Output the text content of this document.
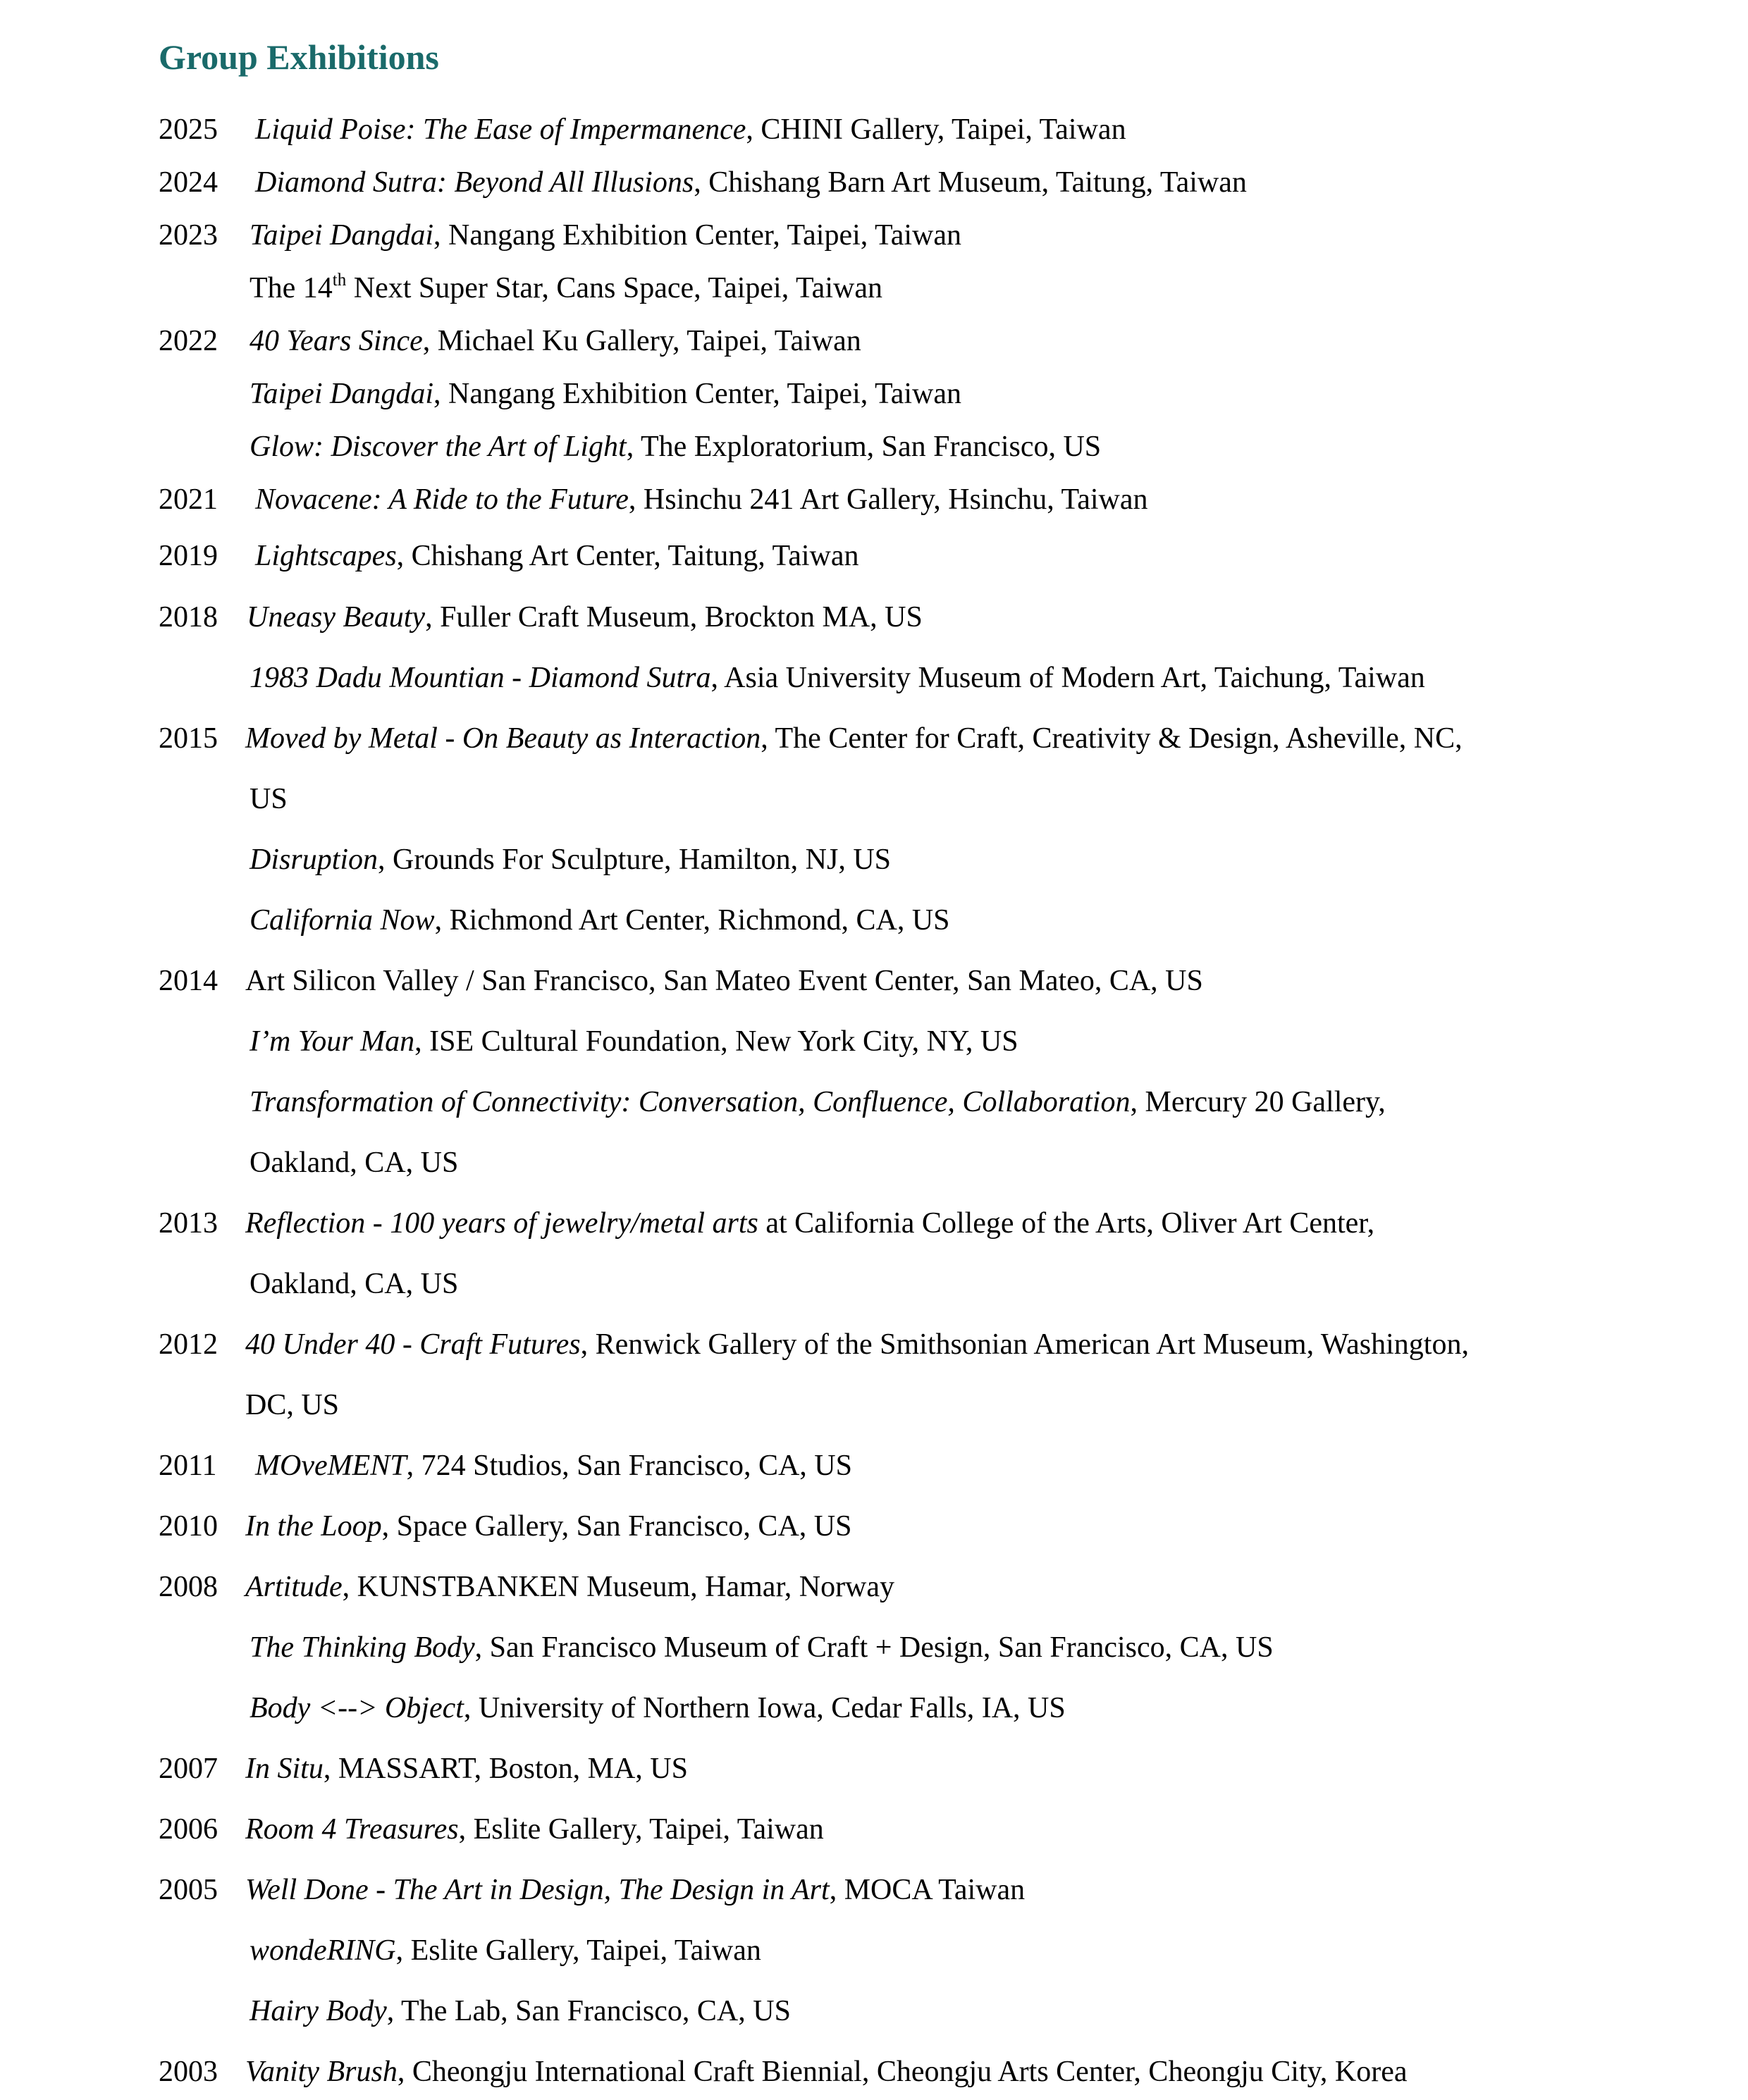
Group Exhibitions
2025 Liquid Poise: The Ease of Impermanence, CHINI Gallery, Taipei, Taiwan
2024 Diamond Sutra: Beyond All Illusions, Chishang Barn Art Museum, Taitung, Taiwan
2023 Taipei Dangdai, Nangang Exhibition Center, Taipei, Taiwan
The 14th Next Super Star, Cans Space, Taipei, Taiwan
2022 40 Years Since, Michael Ku Gallery, Taipei, Taiwan
Taipei Dangdai, Nangang Exhibition Center, Taipei, Taiwan
Glow: Discover the Art of Light, The Exploratorium, San Francisco, US
2021 Novacene: A Ride to the Future, Hsinchu 241 Art Gallery, Hsinchu, Taiwan
2019 Lightscapes, Chishang Art Center, Taitung, Taiwan
2018 Uneasy Beauty, Fuller Craft Museum, Brockton MA, US
1983 Dadu Mountian - Diamond Sutra, Asia University Museum of Modern Art, Taichung, Taiwan
2015 Moved by Metal - On Beauty as Interaction, The Center for Craft, Creativity & Design, Asheville, NC,
US
Disruption, Grounds For Sculpture, Hamilton, NJ, US
California Now, Richmond Art Center, Richmond, CA, US
2014 Art Silicon Valley / San Francisco, San Mateo Event Center, San Mateo, CA, US
I’m Your Man, ISE Cultural Foundation, New York City, NY, US
Transformation of Connectivity: Conversation, Confluence, Collaboration, Mercury 20 Gallery,
Oakland, CA, US
2013 Reflection - 100 years of jewelry/metal arts at California College of the Arts, Oliver Art Center,
Oakland, CA, US
2012 40 Under 40 - Craft Futures, Renwick Gallery of the Smithsonian American Art Museum, Washington,
DC, US
2011 MOveMENT, 724 Studios, San Francisco, CA, US
2010 In the Loop, Space Gallery, San Francisco, CA, US
2008 Artitude, KUNSTBANKEN Museum, Hamar, Norway
The Thinking Body, San Francisco Museum of Craft + Design, San Francisco, CA, US
Body <--> Object, University of Northern Iowa, Cedar Falls, IA, US
2007 In Situ, MASSART, Boston, MA, US
2006 Room 4 Treasures, Eslite Gallery, Taipei, Taiwan
2005 Well Done - The Art in Design, The Design in Art, MOCA Taiwan
wondeRING, Eslite Gallery, Taipei, Taiwan
Hairy Body, The Lab, San Francisco, CA, US
2003 Vanity Brush, Cheongju International Craft Biennial, Cheongju Arts Center, Cheongju City, Korea
